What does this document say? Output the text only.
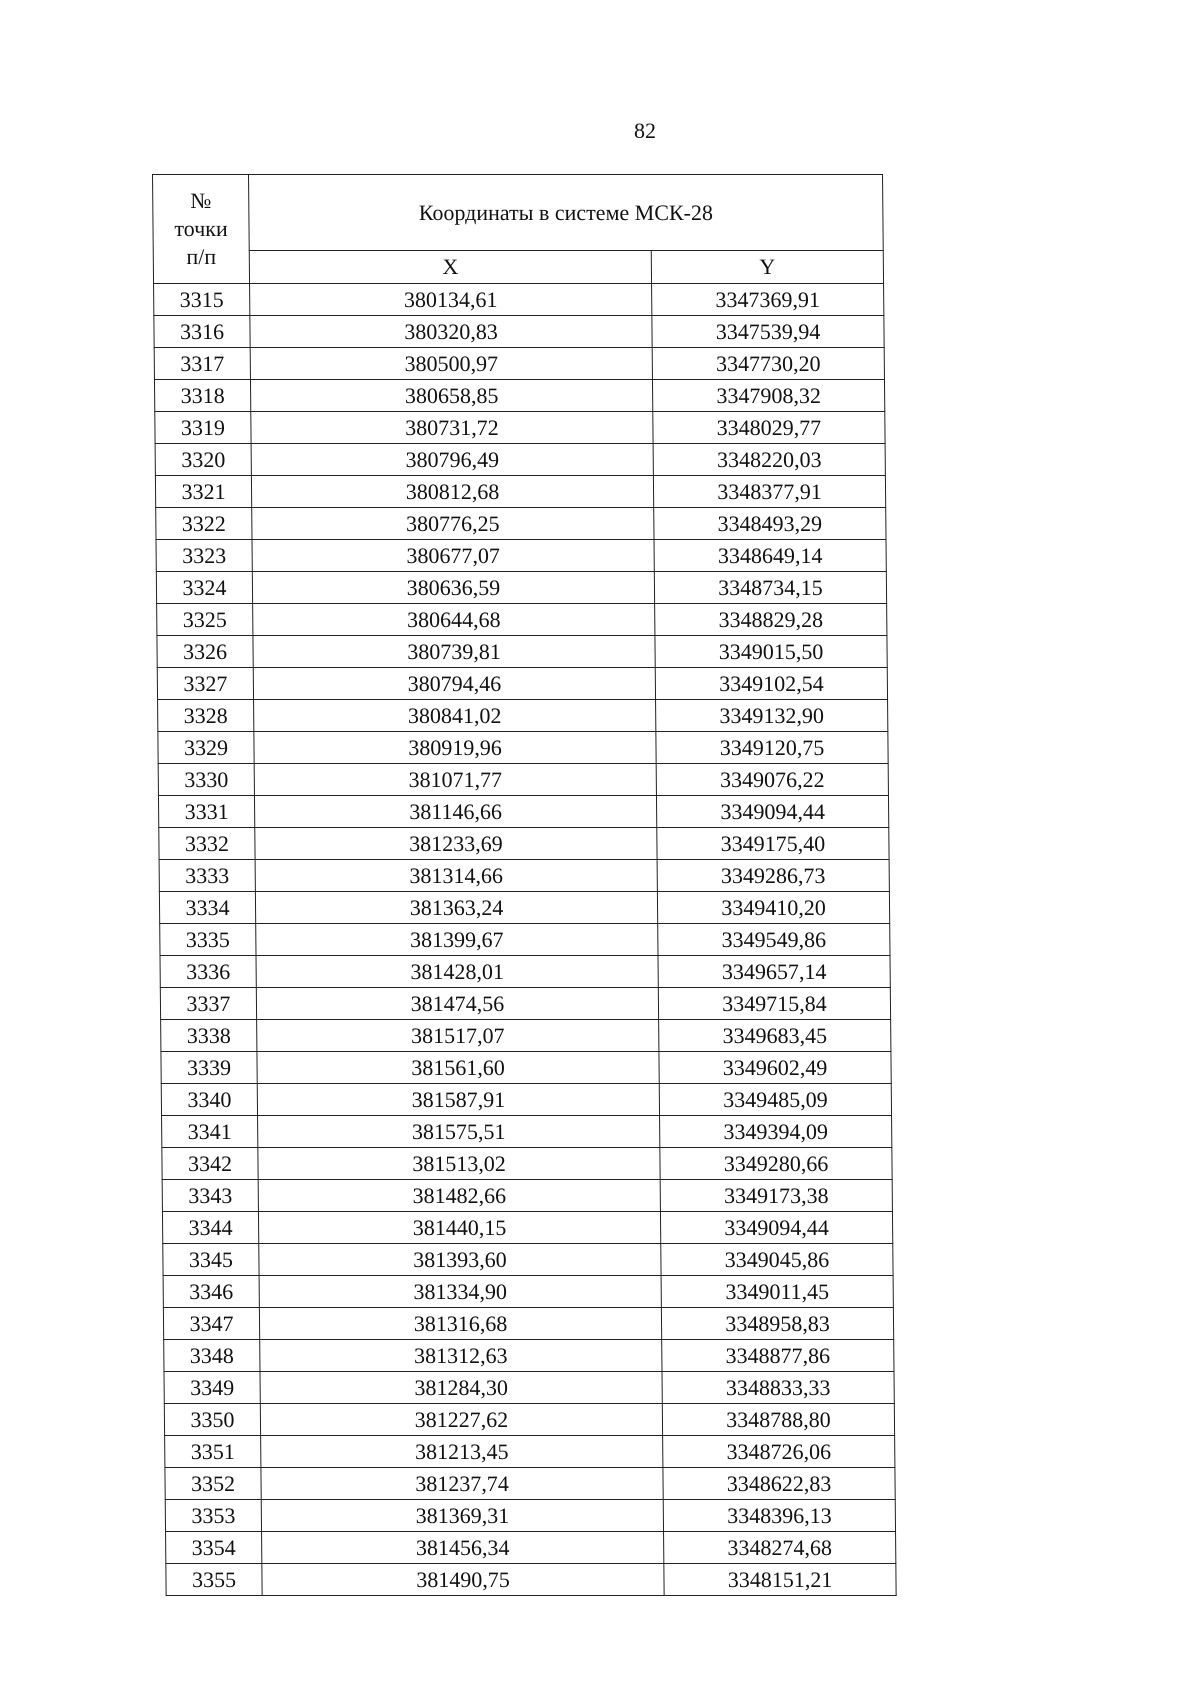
82
№
точки
п/п	Координаты в системе МСК-28	
	X	Y
3315	380134,61	3347369,91
3316	380320,83	3347539,94
3317	380500,97	3347730,20
3318	380658,85	3347908,32
3319	380731,72	3348029,77
3320	380796,49	3348220,03
3321	380812,68	3348377,91
3322	380776,25	3348493,29
3323	380677,07	3348649,14
3324	380636,59	3348734,15
3325	380644,68	3348829,28
3326	380739,81	3349015,50
3327	380794,46	3349102,54
3328	380841,02	3349132,90
3329	380919,96	3349120,75
3330	381071,77	3349076,22
3331	381146,66	3349094,44
3332	381233,69	3349175,40
3333	381314,66	3349286,73
3334	381363,24	3349410,20
3335	381399,67	3349549,86
3336	381428,01	3349657,14
3337	381474,56	3349715,84
3338	381517,07	3349683,45
3339	381561,60	3349602,49
3340	381587,91	3349485,09
3341	381575,51	3349394,09
3342	381513,02	3349280,66
3343	381482,66	3349173,38
3344	381440,15	3349094,44
3345	381393,60	3349045,86
3346	381334,90	3349011,45
3347	381316,68	3348958,83
3348	381312,63	3348877,86
3349	381284,30	3348833,33
3350	381227,62	3348788,80
3351	381213,45	3348726,06
3352	381237,74	3348622,83
3353	381369,31	3348396,13
3354	381456,34	3348274,68
3355	381490,75	3348151,21
